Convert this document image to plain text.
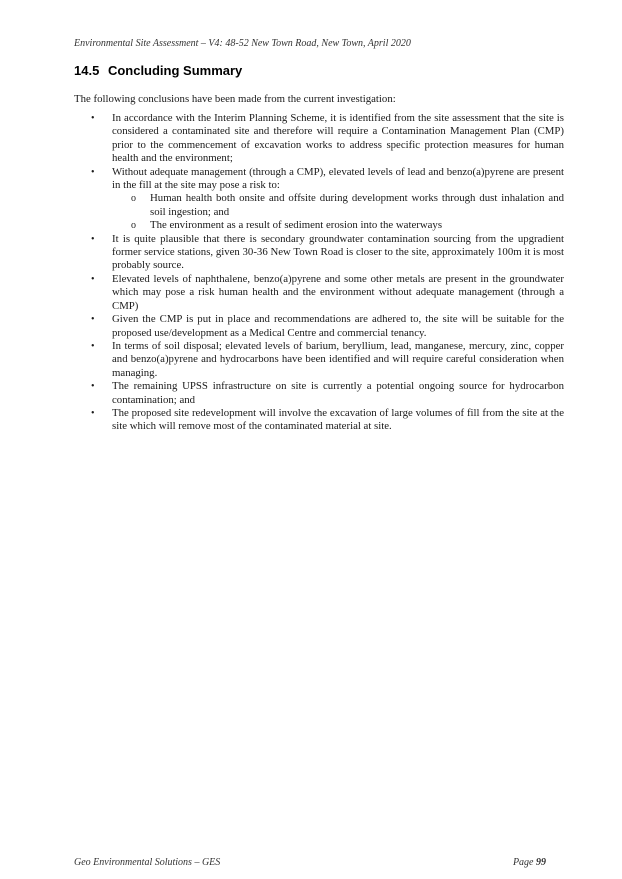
Environmental Site Assessment – V4: 48-52 New Town Road, New Town, April 2020
14.5 Concluding Summary

The following conclusions have been made from the current investigation:

• In accordance with the Interim Planning Scheme, it is identified from the site assessment that the site is considered a contaminated site and therefore will require a Contamination Management Plan (CMP) prior to the commencement of excavation works to address specific protection measures for human health and the environment;
• Without adequate management (through a CMP), elevated levels of lead and benzo(a)pyrene are present in the fill at the site may pose a risk to:
o Human health both onsite and offsite during development works through dust inhalation and soil ingestion; and
o The environment as a result of sediment erosion into the waterways
• It is quite plausible that there is secondary groundwater contamination sourcing from the upgradient former service stations, given 30-36 New Town Road is closer to the site, approximately 100m it is most probably source.
• Elevated levels of naphthalene, benzo(a)pyrene and some other metals are present in the groundwater which may pose a risk human health and the environment without adequate management (through a CMP)
• Given the CMP is put in place and recommendations are adhered to, the site will be suitable for the proposed use/development as a Medical Centre and commercial tenancy.
• In terms of soil disposal; elevated levels of barium, beryllium, lead, manganese, mercury, zinc, copper and benzo(a)pyrene and hydrocarbons have been identified and will require careful consideration when managing.
• The remaining UPSS infrastructure on site is currently a potential ongoing source for hydrocarbon contamination; and
• The proposed site redevelopment will involve the excavation of large volumes of fill from the site at the site which will remove most of the contaminated material at site.
Geo Environmental Solutions – GES	Page 99
